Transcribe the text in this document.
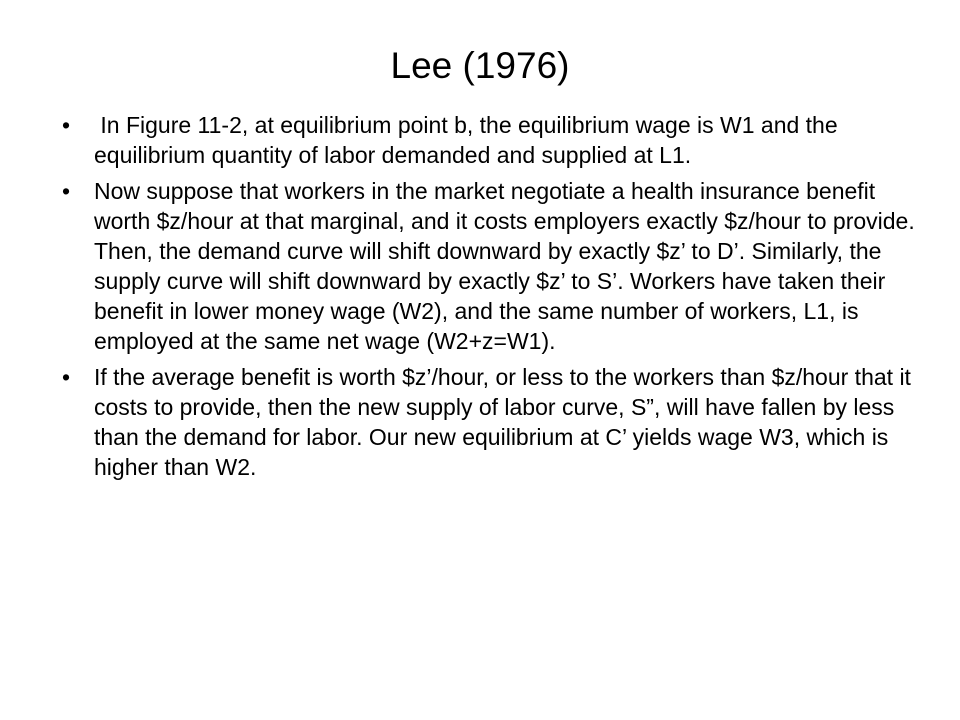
Lee (1976)
•	In Figure 11-2, at equilibrium point b, the equilibrium wage is W1 and the equilibrium quantity of labor demanded and supplied at L1.
•	Now suppose that workers in the market negotiate a health insurance benefit worth $z/hour at that marginal, and it costs employers exactly $z/hour to provide. Then, the demand curve will shift downward by exactly $z’ to D’. Similarly, the supply curve will shift downward by exactly $z’ to S’. Workers have taken their benefit in lower money wage (W2), and the same number of workers, L1, is employed at the same net wage (W2+z=W1).
•	If the average benefit is worth $z’/hour, or less to the workers than $z/hour that it costs to provide, then the new supply of labor curve, S”, will have fallen by less than the demand for labor. Our new equilibrium at C’ yields wage W3, which is higher than W2.
